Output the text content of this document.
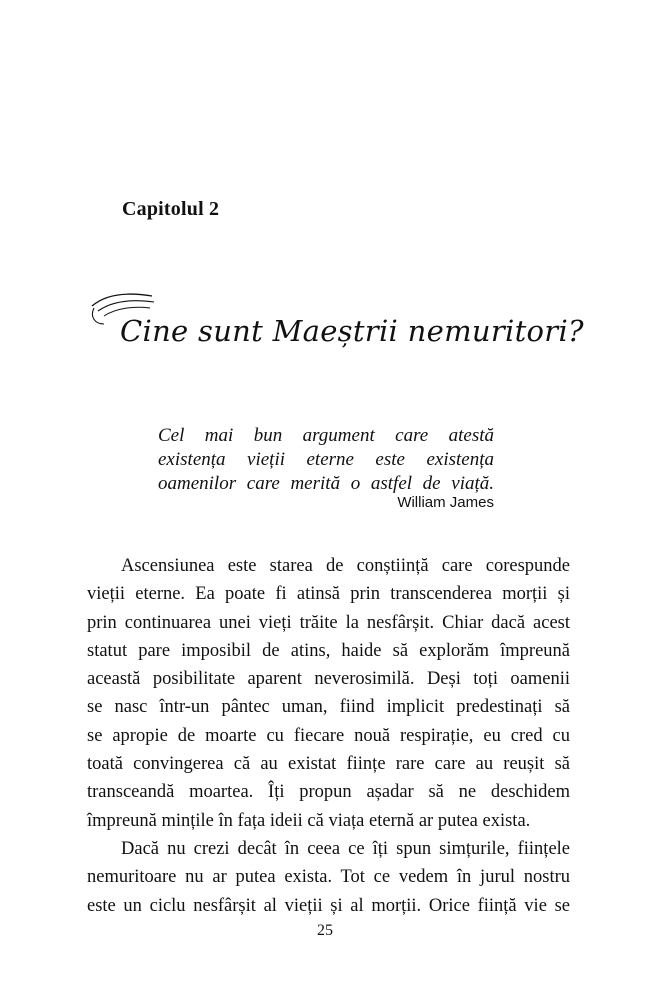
Capitolul 2
Cine sunt Maeștrii nemuritori?
Cel mai bun argument care atestă
existența vieții eterne este existența
oamenilor care merită o astfel de viață.
William James
Ascensiunea este starea de conștiință care corespunde
vieții eterne. Ea poate fi atinsă prin transcenderea morții și
prin continuarea unei vieți trăite la nesfârșit. Chiar dacă acest
statut pare imposibil de atins, haide să explorăm împreună
această posibilitate aparent neverosimilă. Deși toți oamenii
se nasc într-un pântec uman, fiind implicit predestinați să
se apropie de moarte cu fiecare nouă respirație, eu cred cu
toată convingerea că au existat ființe rare care au reușit să
transceandă moartea. Îți propun așadar să ne deschidem
împreună mințile în fața ideii că viața eternă ar putea exista.
Dacă nu crezi decât în ceea ce îți spun simțurile, ființele
nemuritoare nu ar putea exista. Tot ce vedem în jurul nostru
este un ciclu nesfârșit al vieții și al morții. Orice ființă vie se
25
